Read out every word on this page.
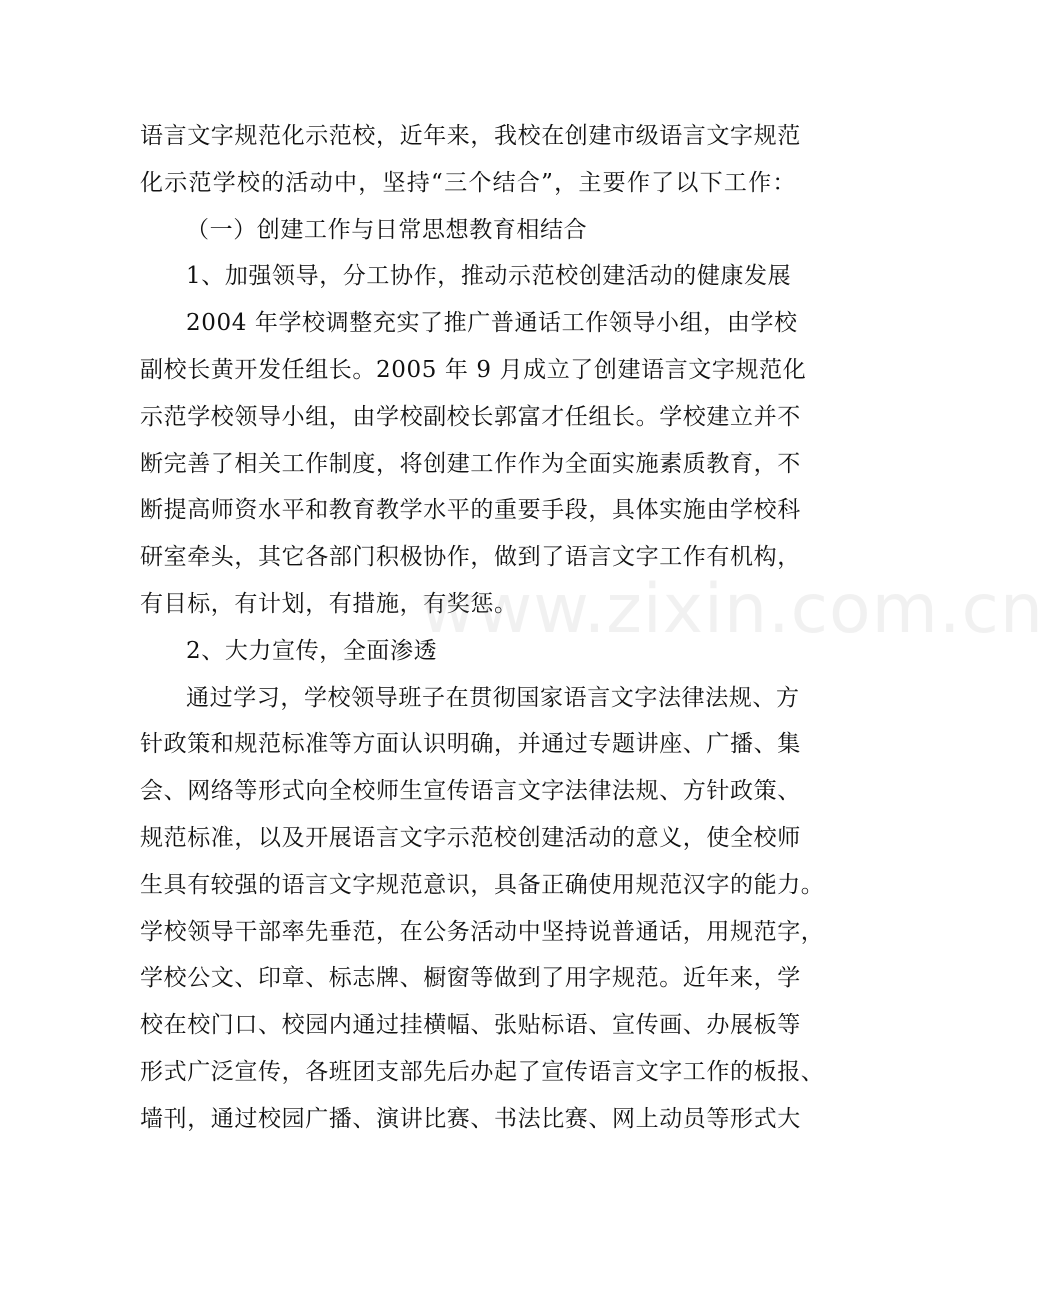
语言文字规范化示范校，近年来，我校在创建市级语言文字规范
化示范学校的活动中，坚持“三个结合”，主要作了以下工作：
（一）创建工作与日常思想教育相结合
1、加强领导，分工协作，推动示范校创建活动的健康发展
2004 年学校调整充实了推广普通话工作领导小组，由学校
副校长黄开发任组长。2005 年 9 月成立了创建语言文字规范化
示范学校领导小组，由学校副校长郭富才任组长。学校建立并不
断完善了相关工作制度，将创建工作作为全面实施素质教育，不
断提高师资水平和教育教学水平的重要手段，具体实施由学校科
研室牵头，其它各部门积极协作，做到了语言文字工作有机构，
有目标，有计划，有措施，有奖惩。
2、大力宣传，全面渗透
通过学习，学校领导班子在贯彻国家语言文字法律法规、方
针政策和规范标准等方面认识明确，并通过专题讲座、广播、集
会、网络等形式向全校师生宣传语言文字法律法规、方针政策、
规范标准，以及开展语言文字示范校创建活动的意义，使全校师
生具有较强的语言文字规范意识，具备正确使用规范汉字的能力。
学校领导干部率先垂范，在公务活动中坚持说普通话，用规范字，
学校公文、印章、标志牌、橱窗等做到了用字规范。近年来，学
校在校门口、校园内通过挂横幅、张贴标语、宣传画、办展板等
形式广泛宣传，各班团支部先后办起了宣传语言文字工作的板报、
墙刊，通过校园广播、演讲比赛、书法比赛、网上动员等形式大
www.zixin.com.cn
